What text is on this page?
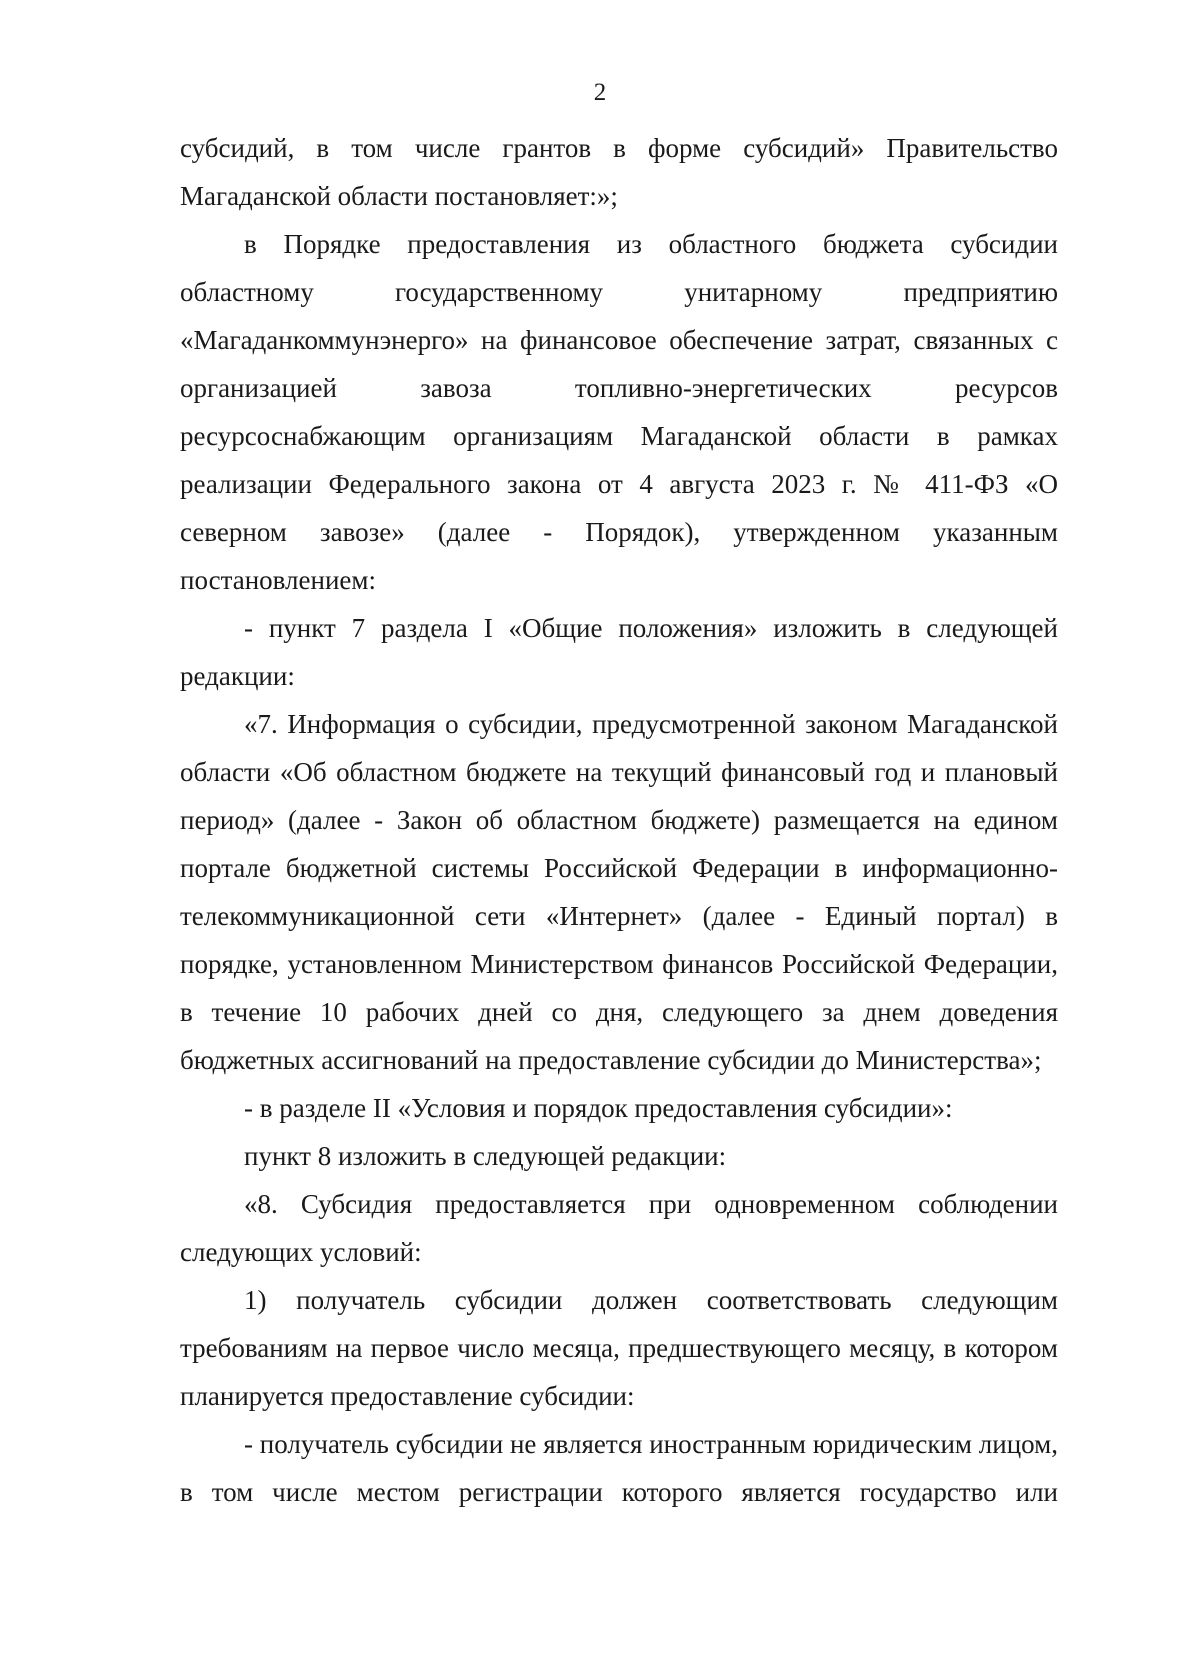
2

субсидий, в том числе грантов в форме субсидий» Правительство Магаданской области постановляет:»;

в Порядке предоставления из областного бюджета субсидии областному государственному унитарному предприятию «Магаданкоммунэнерго» на финансовое обеспечение затрат, связанных с организацией завоза топливно-энергетических ресурсов ресурсоснабжающим организациям Магаданской области в рамках реализации Федерального закона от 4 августа 2023 г. № 411-ФЗ «О северном завозе» (далее - Порядок), утвержденном указанным постановлением:

- пункт 7 раздела I «Общие положения» изложить в следующей редакции:

«7. Информация о субсидии, предусмотренной законом Магаданской области «Об областном бюджете на текущий финансовый год и плановый период» (далее - Закон об областном бюджете) размещается на едином портале бюджетной системы Российской Федерации в информационно-телекоммуникационной сети «Интернет» (далее - Единый портал) в порядке, установленном Министерством финансов Российской Федерации, в течение 10 рабочих дней со дня, следующего за днем доведения бюджетных ассигнований на предоставление субсидии до Министерства»;

- в разделе II «Условия и порядок предоставления субсидии»:

пункт 8 изложить в следующей редакции:

«8. Субсидия предоставляется при одновременном соблюдении следующих условий:

1) получатель субсидии должен соответствовать следующим требованиям на первое число месяца, предшествующего месяцу, в котором планируется предоставление субсидии:

- получатель субсидии не является иностранным юридическим лицом, в том числе местом регистрации которого является государство или
